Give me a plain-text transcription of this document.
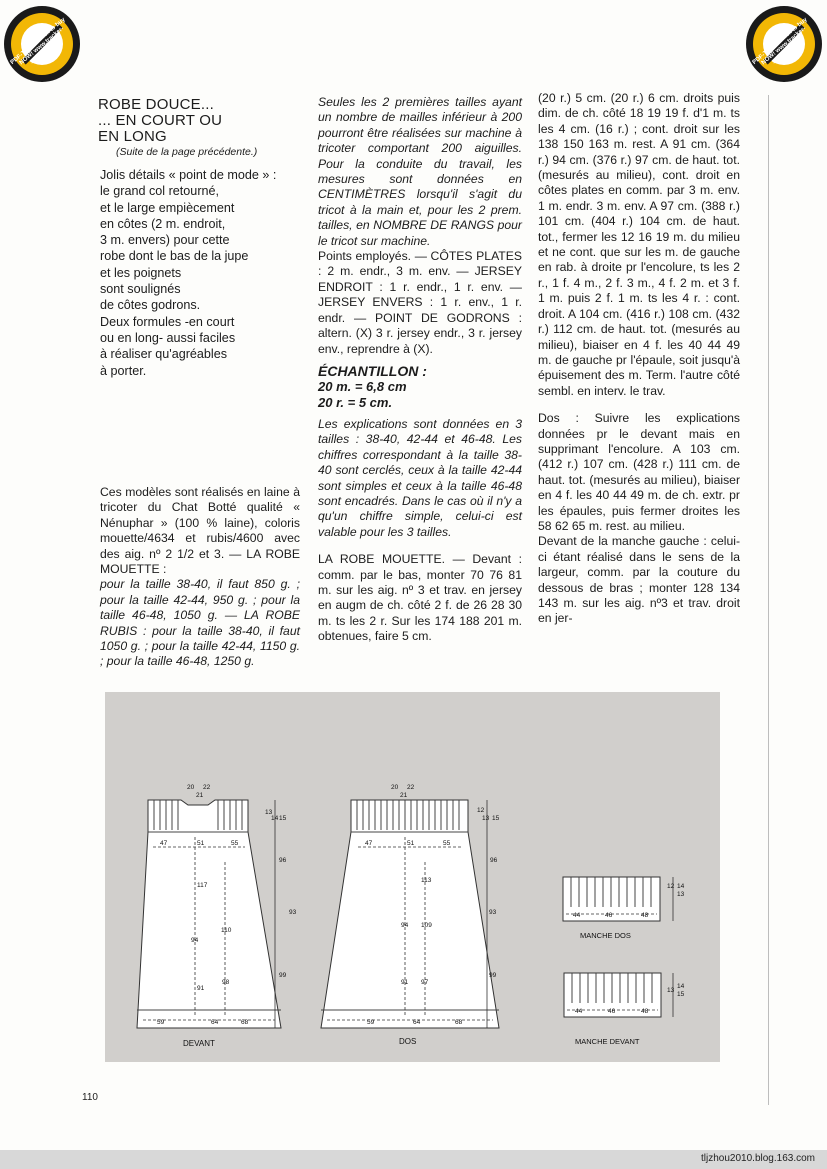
PDF-TOOLS click to buy NOW! www.tracker-software.com	PDF-TOOLS click to buy NOW! www.tracker-software.com
ROBE DOUCE...
... EN COURT OU
EN LONG
(Suite de la page précédente.)
Jolis détails « point de mode » :
le grand col retourné,
et le large empiècement
en côtes (2 m. endroit,
3 m. envers) pour cette
robe dont le bas de la jupe
et les poignets
sont soulignés
de côtes godrons.
Deux formules -en court
ou en long- aussi faciles
à réaliser qu'agréables
à porter.

Ces modèles sont réalisés en laine à tricoter du Chat Botté qualité « Nénuphar » (100 % laine), coloris mouette/4634 et rubis/4600 avec des aig. nº 2 1/2 et 3. — LA ROBE MOUETTE :

pour la taille 38-40, il faut 850 g. ; pour la taille 42-44, 950 g. ; pour la taille 46-48, 1050 g. — LA ROBE RUBIS : pour la taille 38-40, il faut 1050 g. ; pour la taille 42-44, 1150 g. ; pour la taille 46-48, 1250 g.

Seules les 2 premières tailles ayant un nombre de mailles inférieur à 200 pourront être réalisées sur machine à tricoter comportant 200 aiguilles. Pour la conduite du travail, les mesures sont données en CENTIMÈTRES lorsqu'il s'agit du tricot à la main et, pour les 2 prem. tailles, en NOMBRE DE RANGS pour le tricot sur machine.

Points employés. — CÔTES PLATES : 2 m. endr., 3 m. env. — JERSEY ENDROIT : 1 r. endr., 1 r. env. — JERSEY ENVERS : 1 r. env., 1 r. endr. — POINT DE GODRONS : altern. (X) 3 r. jersey endr., 3 r. jersey env., reprendre à (X).

ÉCHANTILLON :
20 m. = 6,8 cm
20 r. = 5 cm.

Les explications sont données en 3 tailles : 38-40, 42-44 et 46-48. Les chiffres correspondant à la taille 38-40 sont cerclés, ceux à la taille 42-44 sont simples et ceux à la taille 46-48 sont encadrés. Dans le cas où il n'y a qu'un chiffre simple, celui-ci est valable pour les 3 tailles.

LA ROBE MOUETTE. — Devant : comm. par le bas, monter 70 76 81 m. sur les aig. nº 3 et trav. en jersey en augm de ch. côté 2 f. de 26 28 30 m. ts les 2 r. Sur les 174 188 201 m. obtenues, faire 5 cm.

(20 r.) 5 cm. (20 r.) 6 cm. droits puis dim. de ch. côté 18 19 19 f. d'1 m. ts les 4 cm. (16 r.) ; cont. droit sur les 138 150 163 m. rest. A 91 cm. (364 r.) 94 cm. (376 r.) 97 cm. de haut. tot. (mesurés au milieu), cont. droit en côtes plates en comm. par 3 m. env. 1 m. endr. 3 m. env. A 97 cm. (388 r.) 101 cm. (404 r.) 104 cm. de haut. tot., fermer les 12 16 19 m. du milieu et ne cont. que sur les m. de gauche en rab. à droite pr l'encolure, ts les 2 r., 1 f. 4 m., 2 f. 3 m., 4 f. 2 m. et 3 f. 1 m. puis 2 f. 1 m. ts les 4 r. : cont. droit. A 104 cm. (416 r.) 108 cm. (432 r.) 112 cm. de haut. tot. (mesurés au milieu), biaiser en 4 f. les 40 44 49 m. de gauche pr l'épaule, soit jusqu'à épuisement des m. Term. l'autre côté sembl. en interv. le trav.

Dos : Suivre les explications données pr le devant mais en supprimant l'encolure. A 103 cm. (412 r.) 107 cm. (428 r.) 111 cm. de haut. tot. (mesurés au milieu), biaiser en 4 f. les 40 44 49 m. de ch. extr. pr les épaules, puis fermer droites les 58 62 65 m. rest. au milieu.

Devant de la manche gauche : celui-ci étant réalisé dans le sens de la largeur, comm. par la couture du dessous de bras ; monter 128 134 143 m. sur les aig. nº3 et trav. droit en jer-

20 22
21
47	51	55
13
14 15
96
93
94
110
117
91
98
99
59	64	68
DEVANT
20 22
21
47	51	55
12
13 15
96
93
94 109
113
91 97
99
59	64	68
DOS
44	46	48
12
13
14
MANCHE DOS
44	46	48
13
14
15
MANCHE DEVANT
110
tljzhou2010.blog.163.com
